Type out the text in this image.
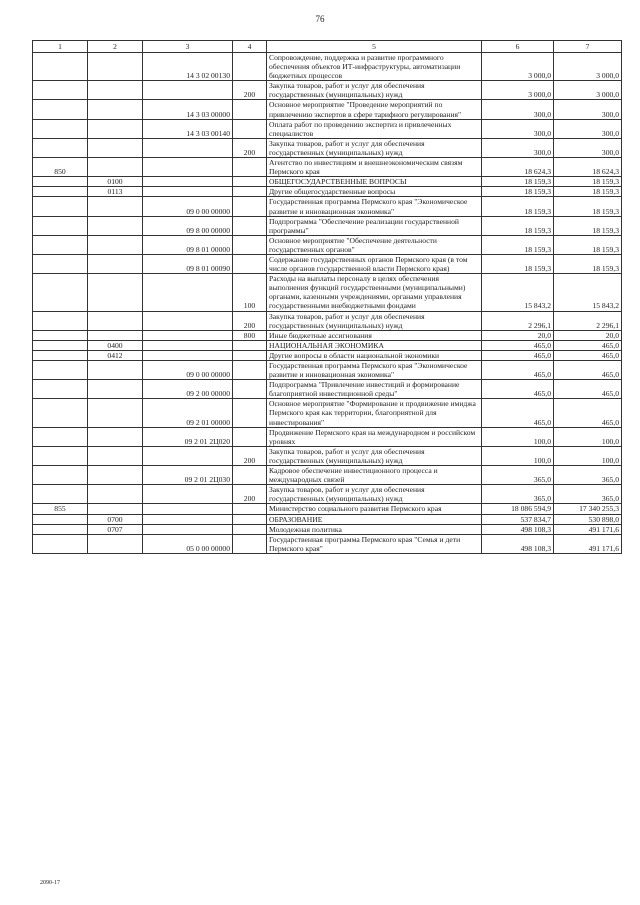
76
1	2	3	4	5	6	7
		14 3 02 00130		Сопровождение, поддержка и развитие программного обеспечения объектов ИТ-инфраструктуры, автоматизации бюджетных процессов	3 000,0	3 000,0
			200	Закупка товаров, работ и услуг для обеспечения государственных (муниципальных) нужд	3 000,0	3 000,0
		14 3 03 00000		Основное мероприятие "Проведение мероприятий по привлечению экспертов в сфере тарифного регулирования"	300,0	300,0
		14 3 03 00140		Оплата работ по проведению экспертиз и привлеченных специалистов	300,0	300,0
			200	Закупка товаров, работ и услуг для обеспечения государственных (муниципальных) нужд	300,0	300,0
850				Агентство по инвестициям и внешнеэкономическим связям Пермского края	18 624,3	18 624,3
	0100			ОБЩЕГОСУДАРСТВЕННЫЕ ВОПРОСЫ	18 159,3	18 159,3
	0113			Другие общегосударственные вопросы	18 159,3	18 159,3
		09 0 00 00000		Государственная программа Пермского края "Экономическое развитие и инновационная экономика"	18 159,3	18 159,3
		09 8 00 00000		Подпрограмма "Обеспечение реализации государственной программы"	18 159,3	18 159,3
		09 8 01 00000		Основное мероприятие "Обеспечение деятельности государственных органов"	18 159,3	18 159,3
		09 8 01 00090		Содержание государственных органов Пермского края (в том числе органов государственной власти Пермского края)	18 159,3	18 159,3
			100	Расходы на выплаты персоналу в целях обеспечения выполнения функций государственными (муниципальными) органами, казенными учреждениями, органами управления государственными внебюджетными фондами	15 843,2	15 843,2
			200	Закупка товаров, работ и услуг для обеспечения государственных (муниципальных) нужд	2 296,1	2 296,1
			800	Иные бюджетные ассигнования	20,0	20,0
	0400			НАЦИОНАЛЬНАЯ ЭКОНОМИКА	465,0	465,0
	0412			Другие вопросы в области национальной экономики	465,0	465,0
		09 0 00 00000		Государственная программа Пермского края "Экономическое развитие и инновационная экономика"	465,0	465,0
		09 2 00 00000		Подпрограмма "Привлечение инвестиций и формирование благоприятной инвестиционной среды"	465,0	465,0
		09 2 01 00000		Основное мероприятие "Формирование и продвижение имиджа Пермского края как территории, благоприятной для инвестирования"	465,0	465,0
		09 2 01 2Ц020		Продвижение Пермского края на международном и российском уровнях	100,0	100,0
			200	Закупка товаров, работ и услуг для обеспечения государственных (муниципальных) нужд	100,0	100,0
		09 2 01 2Ц030		Кадровое обеспечение инвестиционного процесса и международных связей	365,0	365,0
			200	Закупка товаров, работ и услуг для обеспечения государственных (муниципальных) нужд	365,0	365,0
855				Министерство социального развития Пермского края	18 086 594,9	17 340 255,3
	0700			ОБРАЗОВАНИЕ	537 834,7	530 898,0
	0707			Молодежная политика	498 108,3	491 171,6
		05 0 00 00000		Государственная программа Пермского края "Семья и дети Пермского края"	498 108,3	491 171,6
2090-17
